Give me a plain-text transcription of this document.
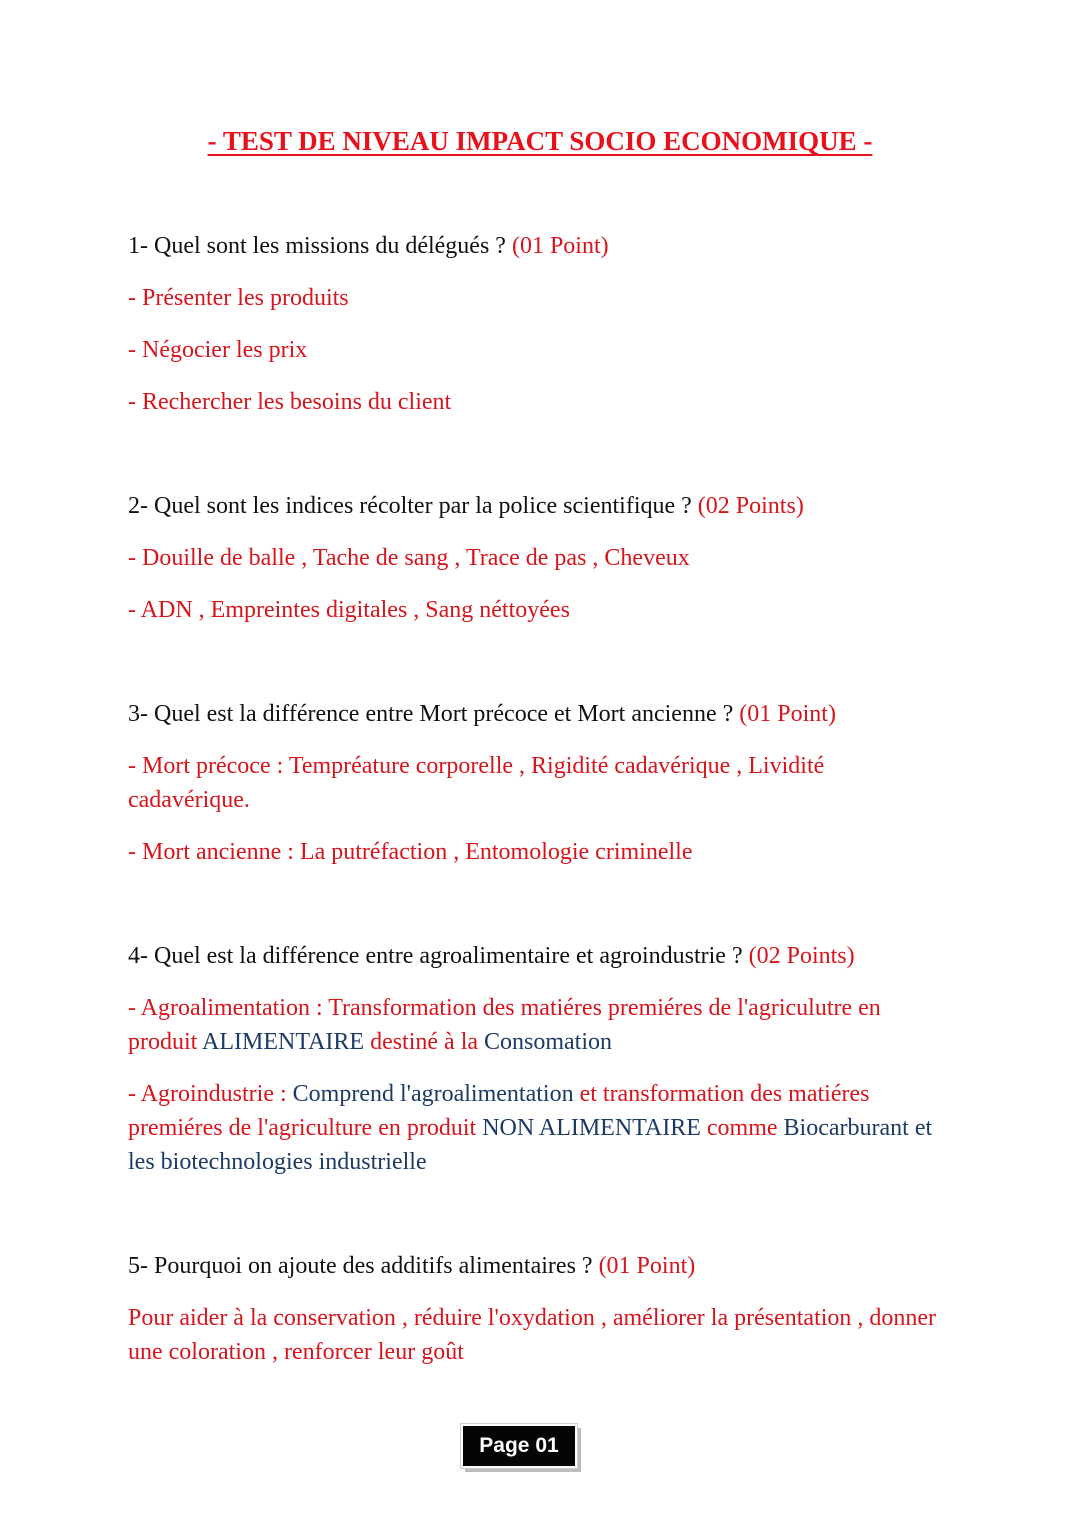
- TEST DE NIVEAU IMPACT SOCIO ECONOMIQUE -
1- Quel sont les missions du délégués ? (01 Point)
- Présenter les produits
- Négocier les prix
- Rechercher les besoins du client
2- Quel sont les indices récolter par la police scientifique ? (02 Points)
- Douille de balle , Tache de sang , Trace de pas , Cheveux
- ADN , Empreintes digitales , Sang néttoyées
3- Quel est la différence entre Mort précoce et Mort ancienne ? (01 Point)
- Mort précoce : Tempréature corporelle , Rigidité cadavérique , Lividité cadavérique.
- Mort ancienne : La putréfaction , Entomologie criminelle
4- Quel est la différence entre agroalimentaire et agroindustrie ? (02 Points)
- Agroalimentation : Transformation des matiéres premiéres de l'agriculutre en produit ALIMENTAIRE destiné à la Consomation
- Agroindustrie : Comprend l'agroalimentation et transformation des matiéres premiéres de l'agriculture en produit NON ALIMENTAIRE comme Biocarburant et les biotechnologies industrielle
5- Pourquoi on ajoute des additifs alimentaires ? (01 Point)
Pour aider à la conservation , réduire l'oxydation , améliorer la présentation , donner une coloration , renforcer leur goût
Page 01
